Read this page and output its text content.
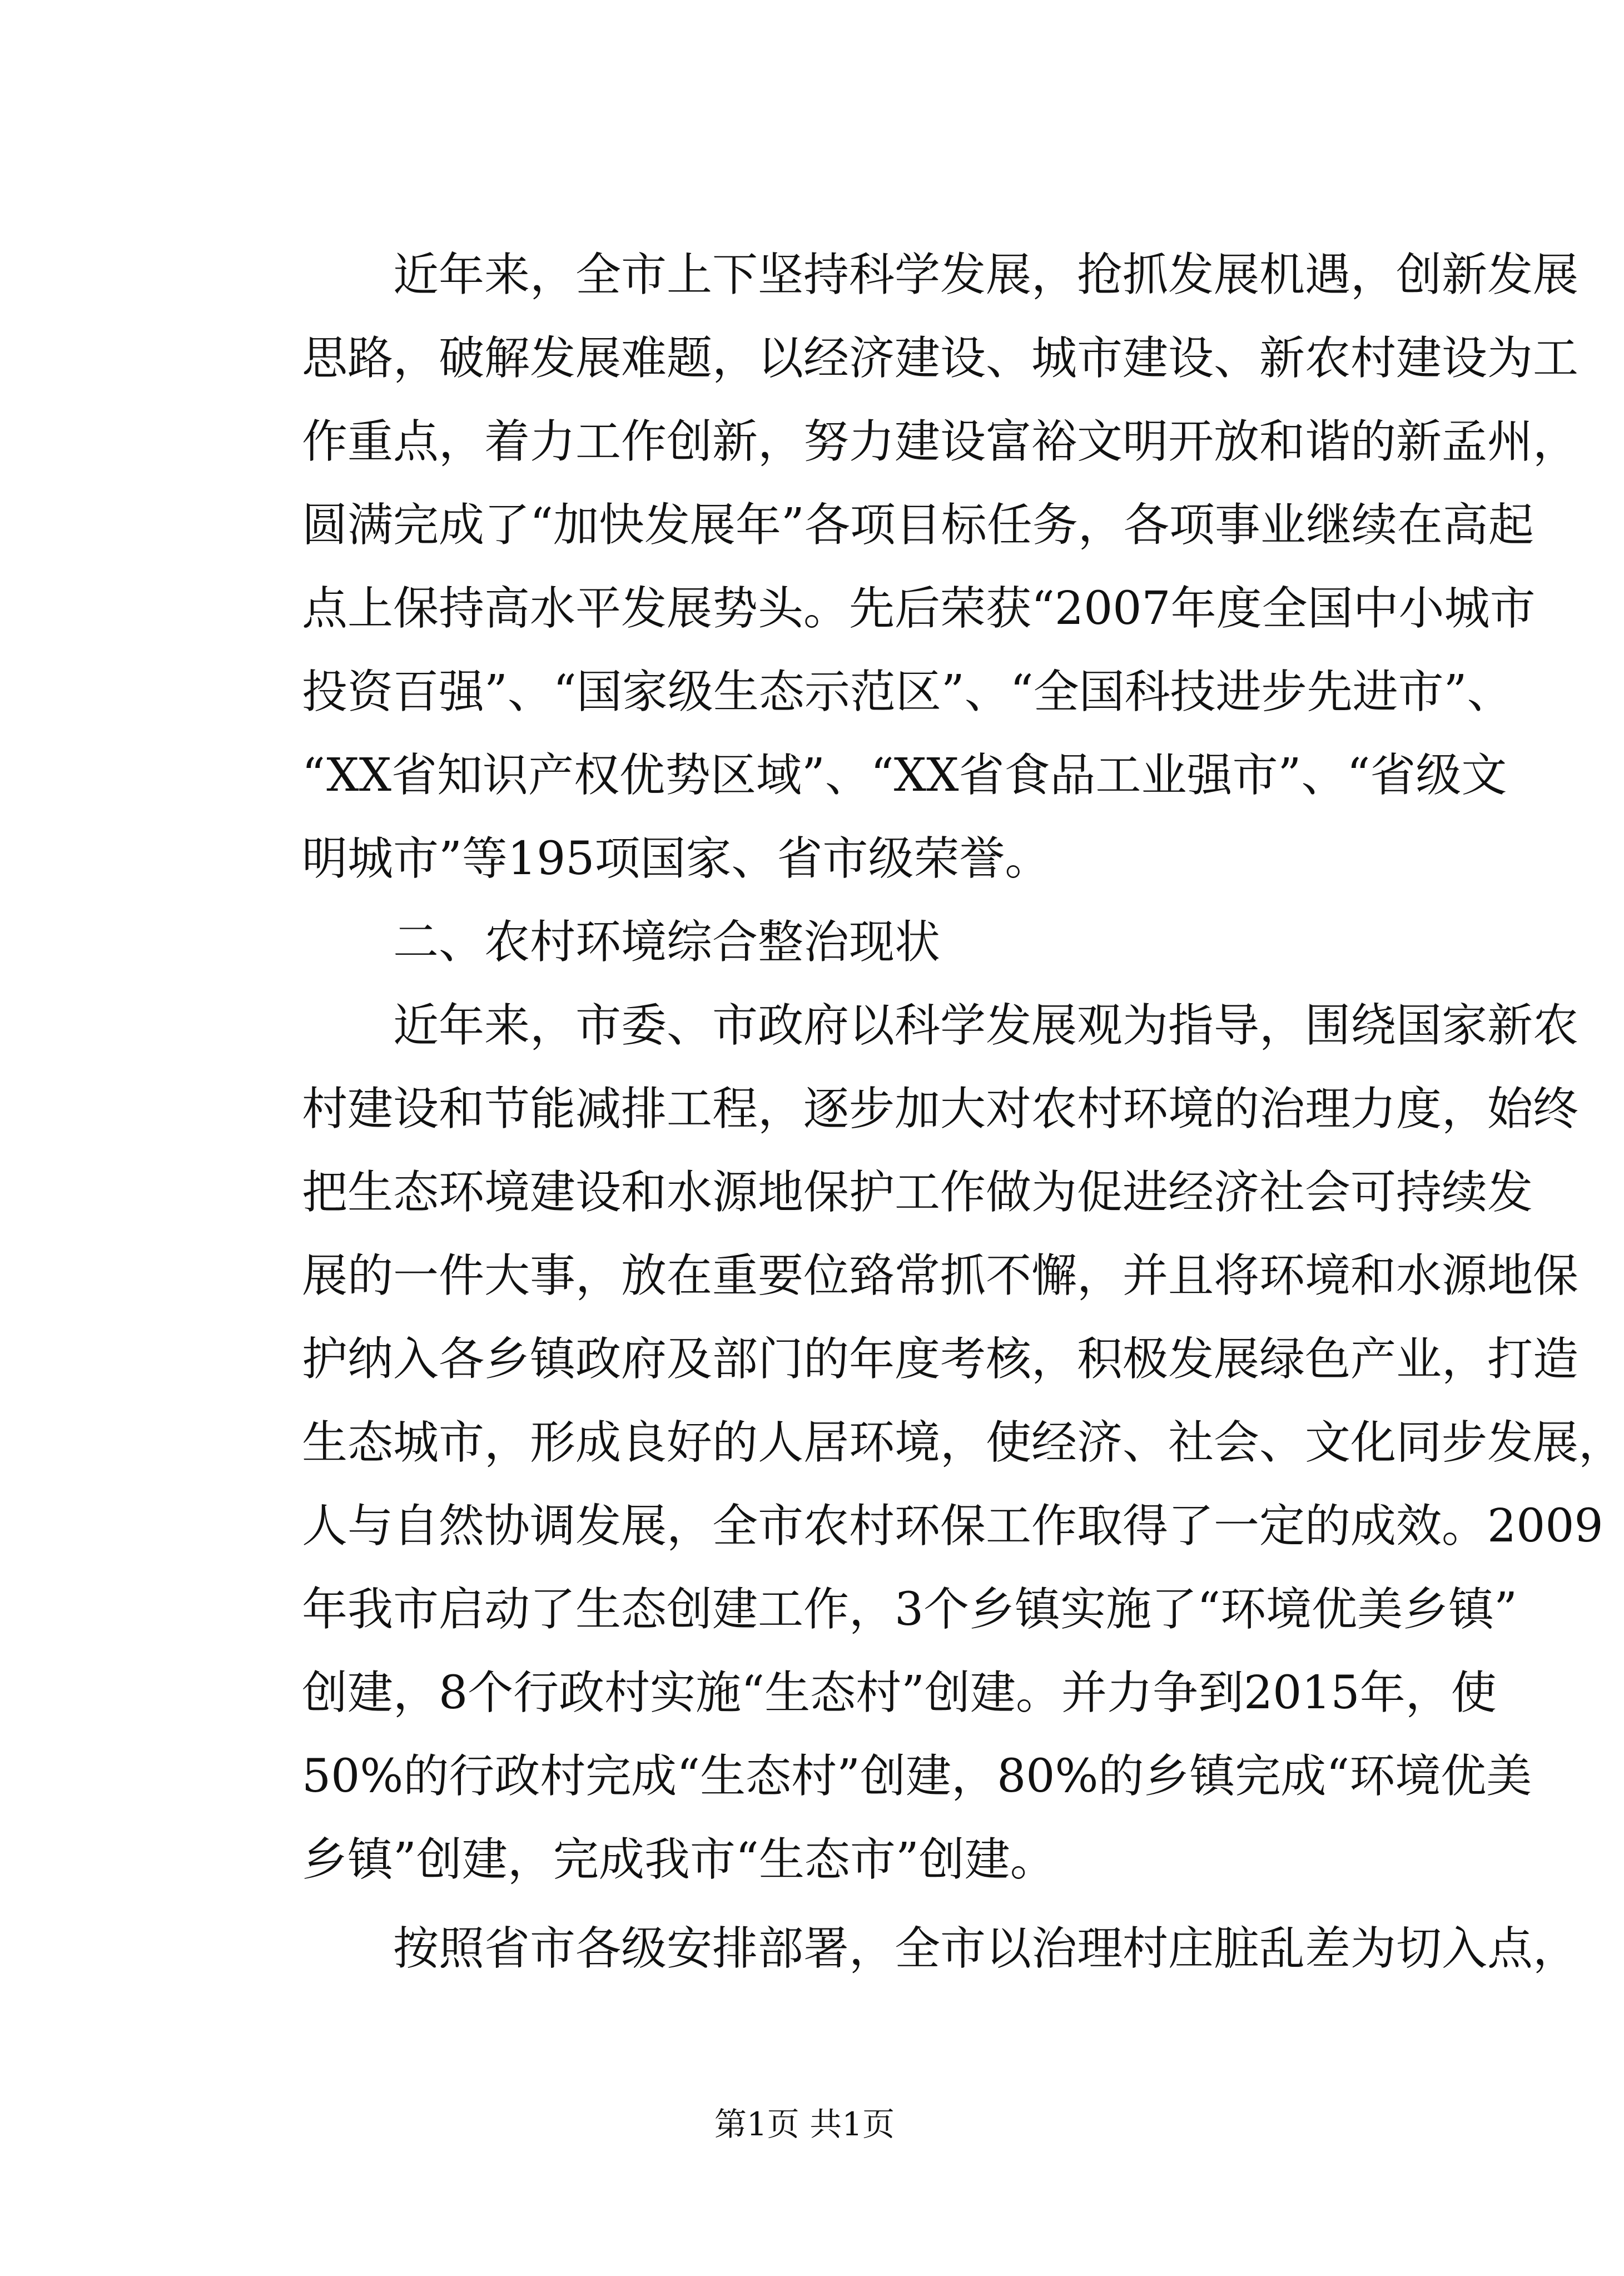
　　近年来，全市上下坚持科学发展，抢抓发展机遇，创新发展
思路，破解发展难题，以经济建设、城市建设、新农村建设为工
作重点，着力工作创新，努力建设富裕文明开放和谐的新孟州，
圆满完成了“加快发展年”各项目标任务，各项事业继续在高起
点上保持高水平发展势头。先后荣获“2007年度全国中小城市
投资百强”、“国家级生态示范区”、“全国科技进步先进市”、
“XX省知识产权优势区域”、“XX省食品工业强市”、“省级文
明城市”等195项国家、省市级荣誉。
　　二、农村环境综合整治现状
　　近年来，市委、市政府以科学发展观为指导，围绕国家新农
村建设和节能减排工程，逐步加大对农村环境的治理力度，始终
把生态环境建设和水源地保护工作做为促进经济社会可持续发
展的一件大事，放在重要位臵常抓不懈，并且将环境和水源地保
护纳入各乡镇政府及部门的年度考核，积极发展绿色产业，打造
生态城市，形成良好的人居环境，使经济、社会、文化同步发展，
人与自然协调发展，全市农村环保工作取得了一定的成效。2009
年我市启动了生态创建工作，3个乡镇实施了“环境优美乡镇”
创建，8个行政村实施“生态村”创建。并力争到2015年，使
50%的行政村完成“生态村”创建，80%的乡镇完成“环境优美
乡镇”创建，完成我市“生态市”创建。
　　按照省市各级安排部署，全市以治理村庄脏乱差为切入点，
第1页 共1页
